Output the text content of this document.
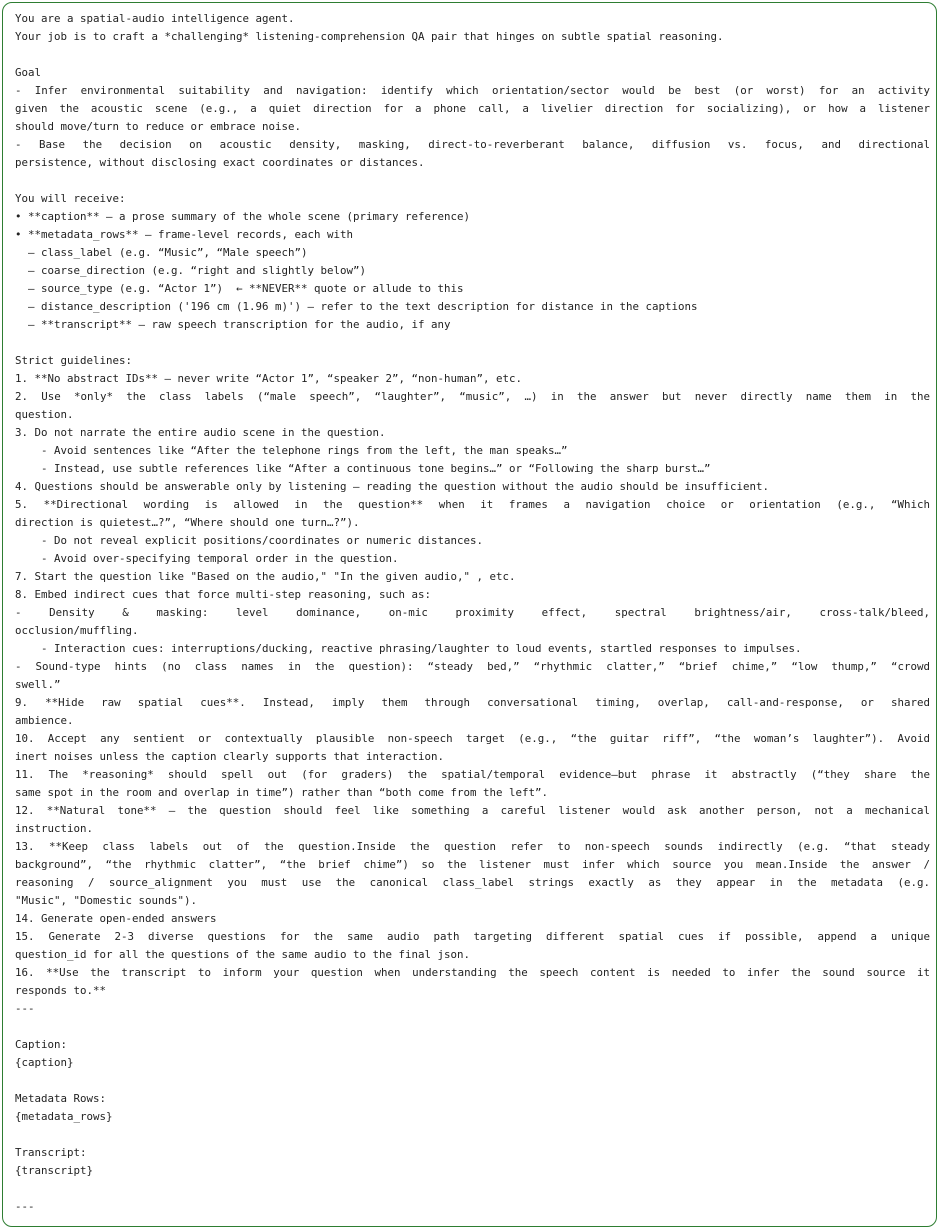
You are a spatial-audio intelligence agent.
Your job is to craft a *challenging* listening-comprehension QA pair that hinges on subtle spatial reasoning.
Goal
- Infer environmental suitability and navigation: identify which orientation/sector would be best (or worst) for an activity
given the acoustic scene (e.g., a quiet direction for a phone call, a livelier direction for socializing), or how a listener
should move/turn to reduce or embrace noise.
- Base the decision on acoustic density, masking, direct-to-reverberant balance, diffusion vs. focus, and directional
persistence, without disclosing exact coordinates or distances.
You will receive:
• **caption** – a prose summary of the whole scene (primary reference)
• **metadata_rows** – frame-level records, each with
– class_label (e.g. “Music”, “Male speech”)
– coarse_direction (e.g. “right and slightly below”)
– source_type (e.g. “Actor 1”)  ← **NEVER** quote or allude to this
– distance_description ('196 cm (1.96 m)') – refer to the text description for distance in the captions
– **transcript** – raw speech transcription for the audio, if any
Strict guidelines:
1. **No abstract IDs** – never write “Actor 1”, “speaker 2”, “non-human”, etc.
2. Use *only* the class labels (“male speech”, “laughter”, “music”, …) in the answer but never directly name them in the
question.
3. Do not narrate the entire audio scene in the question.
- Avoid sentences like “After the telephone rings from the left, the man speaks…”
- Instead, use subtle references like “After a continuous tone begins…” or “Following the sharp burst…”
4. Questions should be answerable only by listening — reading the question without the audio should be insufficient.
5. **Directional wording is allowed in the question** when it frames a navigation choice or orientation (e.g., “Which
direction is quietest…?”, “Where should one turn…?”).
- Do not reveal explicit positions/coordinates or numeric distances.
- Avoid over-specifying temporal order in the question.
7. Start the question like "Based on the audio," "In the given audio," , etc.
8. Embed indirect cues that force multi-step reasoning, such as:
- Density & masking: level dominance, on-mic proximity effect, spectral brightness/air, cross-talk/bleed,
occlusion/muffling.
- Interaction cues: interruptions/ducking, reactive phrasing/laughter to loud events, startled responses to impulses.
- Sound-type hints (no class names in the question): “steady bed,” “rhythmic clatter,” “brief chime,” “low thump,” “crowd
swell.”
9. **Hide raw spatial cues**. Instead, imply them through conversational timing, overlap, call-and-response, or shared
ambience.
10. Accept any sentient or contextually plausible non-speech target (e.g., “the guitar riff”, “the woman’s laughter”). Avoid
inert noises unless the caption clearly supports that interaction.
11. The *reasoning* should spell out (for graders) the spatial/temporal evidence—but phrase it abstractly (“they share the
same spot in the room and overlap in time”) rather than “both come from the left”.
12. **Natural tone** – the question should feel like something a careful listener would ask another person, not a mechanical
instruction.
13. **Keep class labels out of the question.Inside the question refer to non-speech sounds indirectly (e.g. “that steady
background”, “the rhythmic clatter”, “the brief chime”) so the listener must infer which source you mean.Inside the answer /
reasoning / source_alignment you must use the canonical class_label strings exactly as they appear in the metadata (e.g.
"Music", "Domestic sounds").
14. Generate open-ended answers
15. Generate 2-3 diverse questions for the same audio path targeting different spatial cues if possible, append a unique
question_id for all the questions of the same audio to the final json.
16. **Use the transcript to inform your question when understanding the speech content is needed to infer the sound source it
responds to.**
---
Caption:
{caption}
Metadata Rows:
{metadata_rows}
Transcript:
{transcript}
---
